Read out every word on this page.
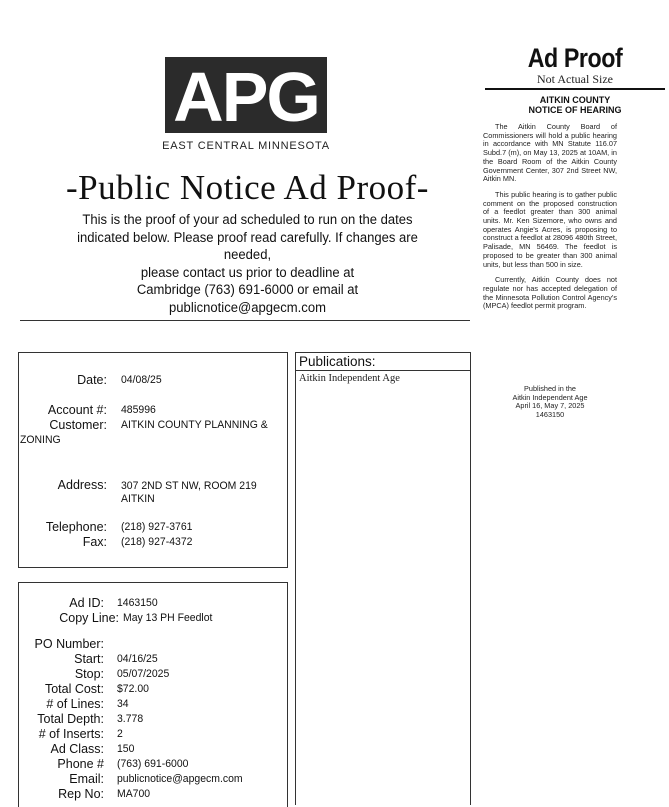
APG
EAST CENTRAL MINNESOTA
-Public Notice Ad Proof-
This is the proof of your ad scheduled to run on the dates
indicated below. Please proof read carefully. If changes are needed,
please contact us prior to deadline at
Cambridge (763) 691-6000 or email at publicnotice@apgecm.com
Ad Proof
Not Actual Size
AITKIN COUNTY
NOTICE OF HEARING

The Aitkin County Board of Commissioners will hold a public hearing in accordance with MN Statute 116.07 Subd.7 (m), on May 13, 2025 at 10AM, in the Board Room of the Aitkin County Government Center, 307 2nd Street NW, Aitkin MN.

This public hearing is to gather public comment on the proposed construction of a feedlot greater than 300 animal units. Mr. Ken Sizemore, who owns and operates Angie's Acres, is proposing to construct a feedlot at 28096 480th Street, Palisade, MN 56469. The feedlot is proposed to be greater than 300 animal units, but less than 500 in size.

Currently, Aitkin County does not regulate nor has accepted delegation of the Minnesota Pollution Control Agency's (MPCA) feedlot permit program.

Published in the
Aitkin Independent Age
April 16, May 7, 2025
1463150
Date: 04/08/25
Account #: 485996
Customer: AITKIN COUNTY PLANNING &
ZONING
Address: 307 2ND ST NW, ROOM 219
AITKIN
Telephone: (218) 927-3761
Fax: (218) 927-4372
Publications:
Aitkin Independent Age
Ad ID: 1463150
Copy Line: May 13 PH Feedlot
PO Number:
Start: 04/16/25
Stop: 05/07/2025
Total Cost: $72.00
# of Lines: 34
Total Depth: 3.778
# of Inserts: 2
Ad Class: 150
Phone # (763) 691-6000
Email: publicnotice@apgecm.com
Rep No: MA700
